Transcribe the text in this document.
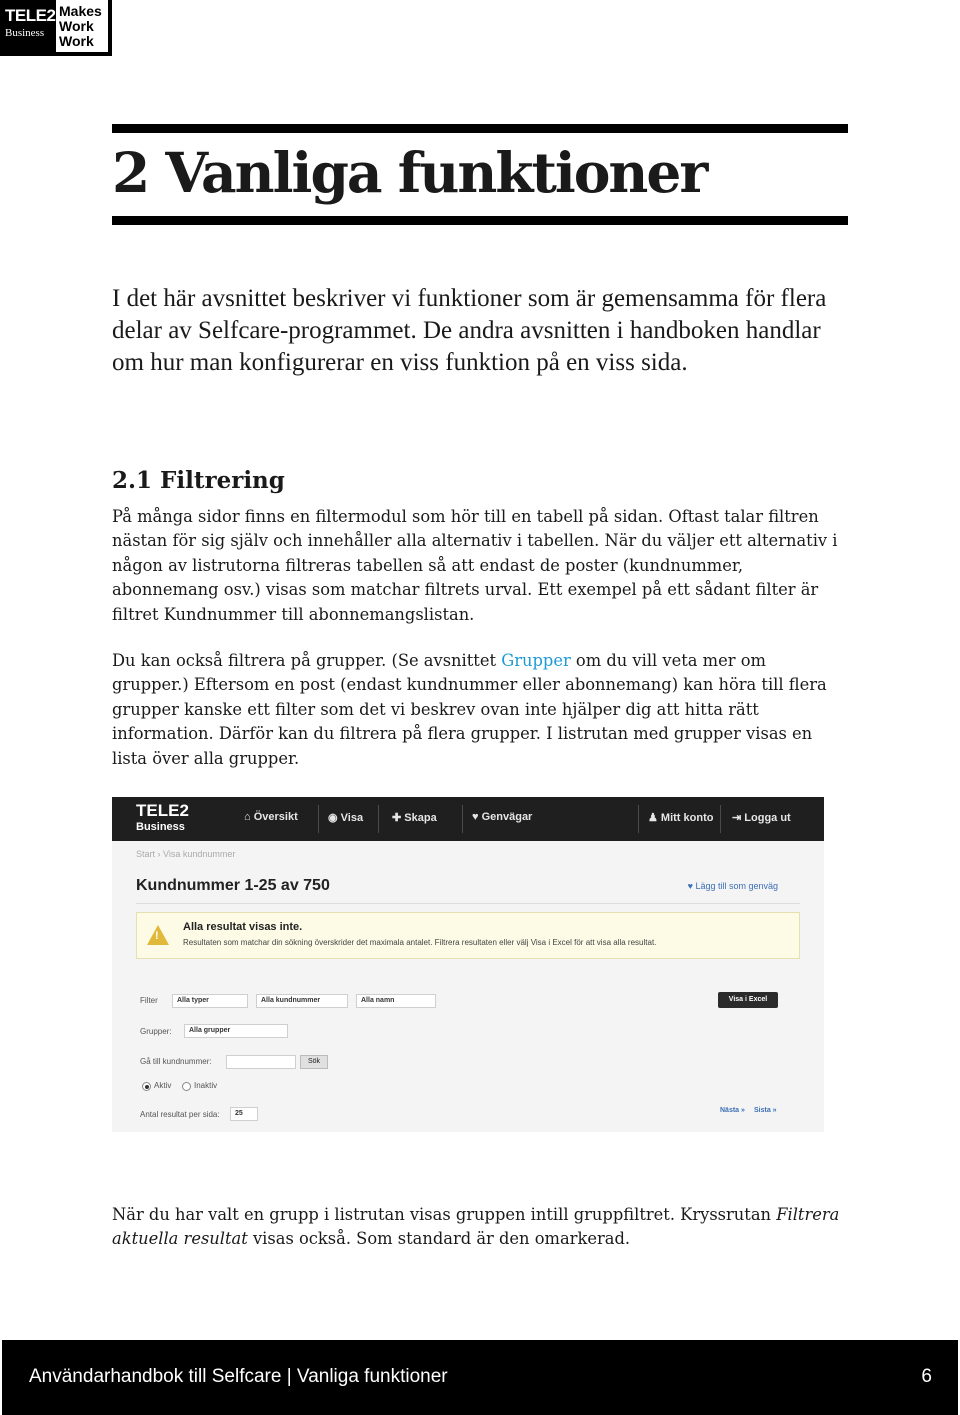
TELE2
Business
Makes
Work
Work
2 Vanliga funktioner

I det här avsnittet beskriver vi funktioner som är gemensamma för flera delar av Selfcare-programmet. De andra avsnitten i handboken handlar om hur man konfigurerar en viss funktion på en viss sida.

2.1 Filtrering

På många sidor finns en filtermodul som hör till en tabell på sidan. Oftast talar filtren nästan för sig själv och innehåller alla alternativ i tabellen. När du väljer ett alternativ i någon av listrutorna filtreras tabellen så att endast de poster (kundnummer, abonnemang osv.) visas som matchar filtrets urval. Ett exempel på ett sådant filter är filtret Kundnummer till abonnemangslistan.

Du kan också filtrera på grupper. (Se avsnittet Grupper om du vill veta mer om grupper.) Eftersom en post (endast kundnummer eller abonnemang) kan höra till flera grupper kanske ett filter som det vi beskrev ovan inte hjälper dig att hitta rätt information. Därför kan du filtrera på flera grupper. I listrutan med grupper visas en lista över alla grupper.

TELE2
Business
⌂ Översikt	◉ Visa	✚ Skapa	♥ Genvägar	♟ Mitt konto ⇥ Logga ut
Start › Visa kundnummer
Kundnummer 1-25 av 750	♥ Lägg till som genväg
!
Alla resultat visas inte.
Resultaten som matchar din sökning överskrider det maximala antalet. Filtrera resultaten eller välj Visa i Excel för att visa alla resultat.
Filter	Alla typer	Alla kundnummer	Alla namn	Visa i Excel
Grupper:	Alla grupper
Gå till kundnummer:	Sök
Aktiv	Inaktiv
Antal resultat per sida:	25	Nästa » Sista »

När du har valt en grupp i listrutan visas gruppen intill gruppfiltret. Kryssrutan Filtrera aktuella resultat visas också. Som standard är den omarkerad.

Användarhandbok till Selfcare | Vanliga funktioner	6
